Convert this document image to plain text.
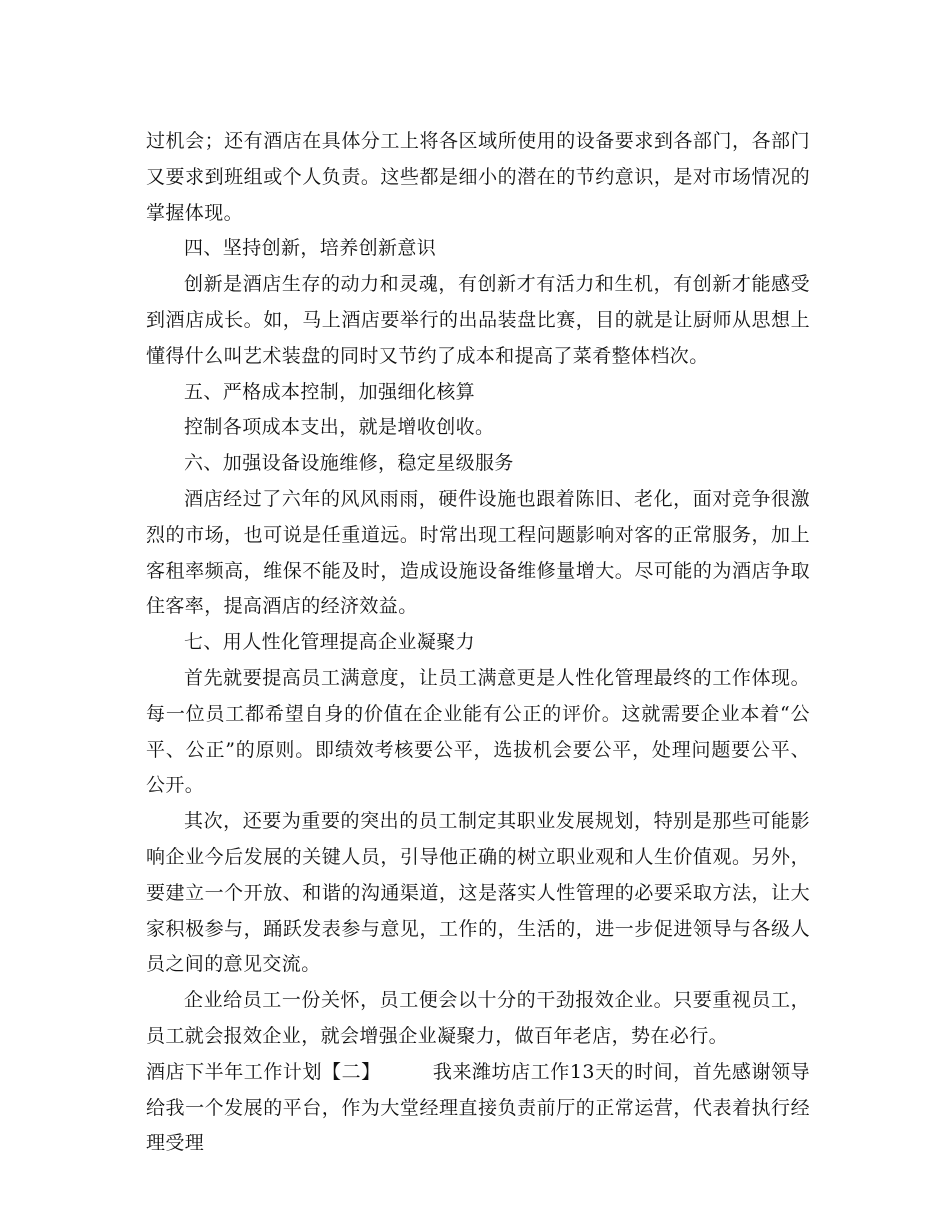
过机会；还有酒店在具体分工上将各区域所使用的设备要求到各部门，各部门又要求到班组或个人负责。这些都是细小的潜在的节约意识，是对市场情况的掌握体现。

四、坚持创新，培养创新意识

创新是酒店生存的动力和灵魂，有创新才有活力和生机，有创新才能感受到酒店成长。如，马上酒店要举行的出品装盘比赛，目的就是让厨师从思想上懂得什么叫艺术装盘的同时又节约了成本和提高了菜肴整体档次。

五、严格成本控制，加强细化核算

控制各项成本支出，就是增收创收。

六、加强设备设施维修，稳定星级服务

酒店经过了六年的风风雨雨，硬件设施也跟着陈旧、老化，面对竞争很激烈的市场，也可说是任重道远。时常出现工程问题影响对客的正常服务，加上客租率频高，维保不能及时，造成设施设备维修量增大。尽可能的为酒店争取住客率，提高酒店的经济效益。

七、用人性化管理提高企业凝聚力

首先就要提高员工满意度，让员工满意更是人性化管理最终的工作体现。每一位员工都希望自身的价值在企业能有公正的评价。这就需要企业本着“公平、公正”的原则。即绩效考核要公平，选拔机会要公平，处理问题要公平、公开。

其次，还要为重要的突出的员工制定其职业发展规划，特别是那些可能影响企业今后发展的关键人员，引导他正确的树立职业观和人生价值观。另外，要建立一个开放、和谐的沟通渠道，这是落实人性管理的必要采取方法，让大家积极参与，踊跃发表参与意见，工作的，生活的，进一步促进领导与各级人员之间的意见交流。

企业给员工一份关怀，员工便会以十分的干劲报效企业。只要重视员工，员工就会报效企业，就会增强企业凝聚力，做百年老店，势在必行。

酒店下半年工作计划【二】	我来潍坊店工作13天的时间，首先感谢领导给我一个发展的平台，作为大堂经理直接负责前厅的正常运营，代表着执行经理受理
